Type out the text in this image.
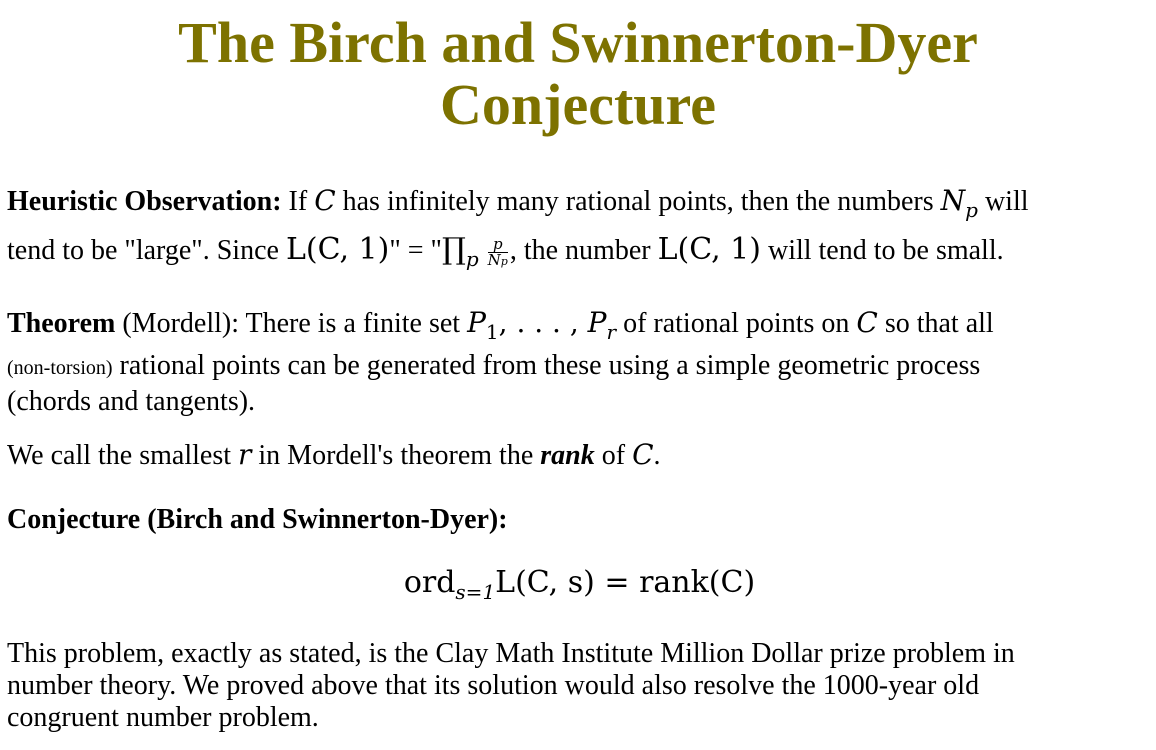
The Birch and Swinnerton-Dyer
Conjecture
Heuristic Observation: If C has infinitely many rational points, then the numbers $N_p$ will
tend to be "large". Since L(C, 1)" = "$\prod_p \frac{p}{Np}$ , the number L(C, 1) will tend to be small.
Theorem (Mordell): There is a finite set $P_1$, . . . , $P_r$ of rational points on C so that all
(non-torsion) rational points can be generated from these using a simple geometric process
(chords and tangents).
We call the smallest r in Mordell's theorem the rank of C.
Conjecture (Birch and Swinnerton-Dyer):
ord$_{s=1}$L(C, s) = rank(C)
This problem, exactly as stated, is the Clay Math Institute Million Dollar prize problem in
number theory. We proved above that its solution would also resolve the 1000-year old
congruent number problem.
